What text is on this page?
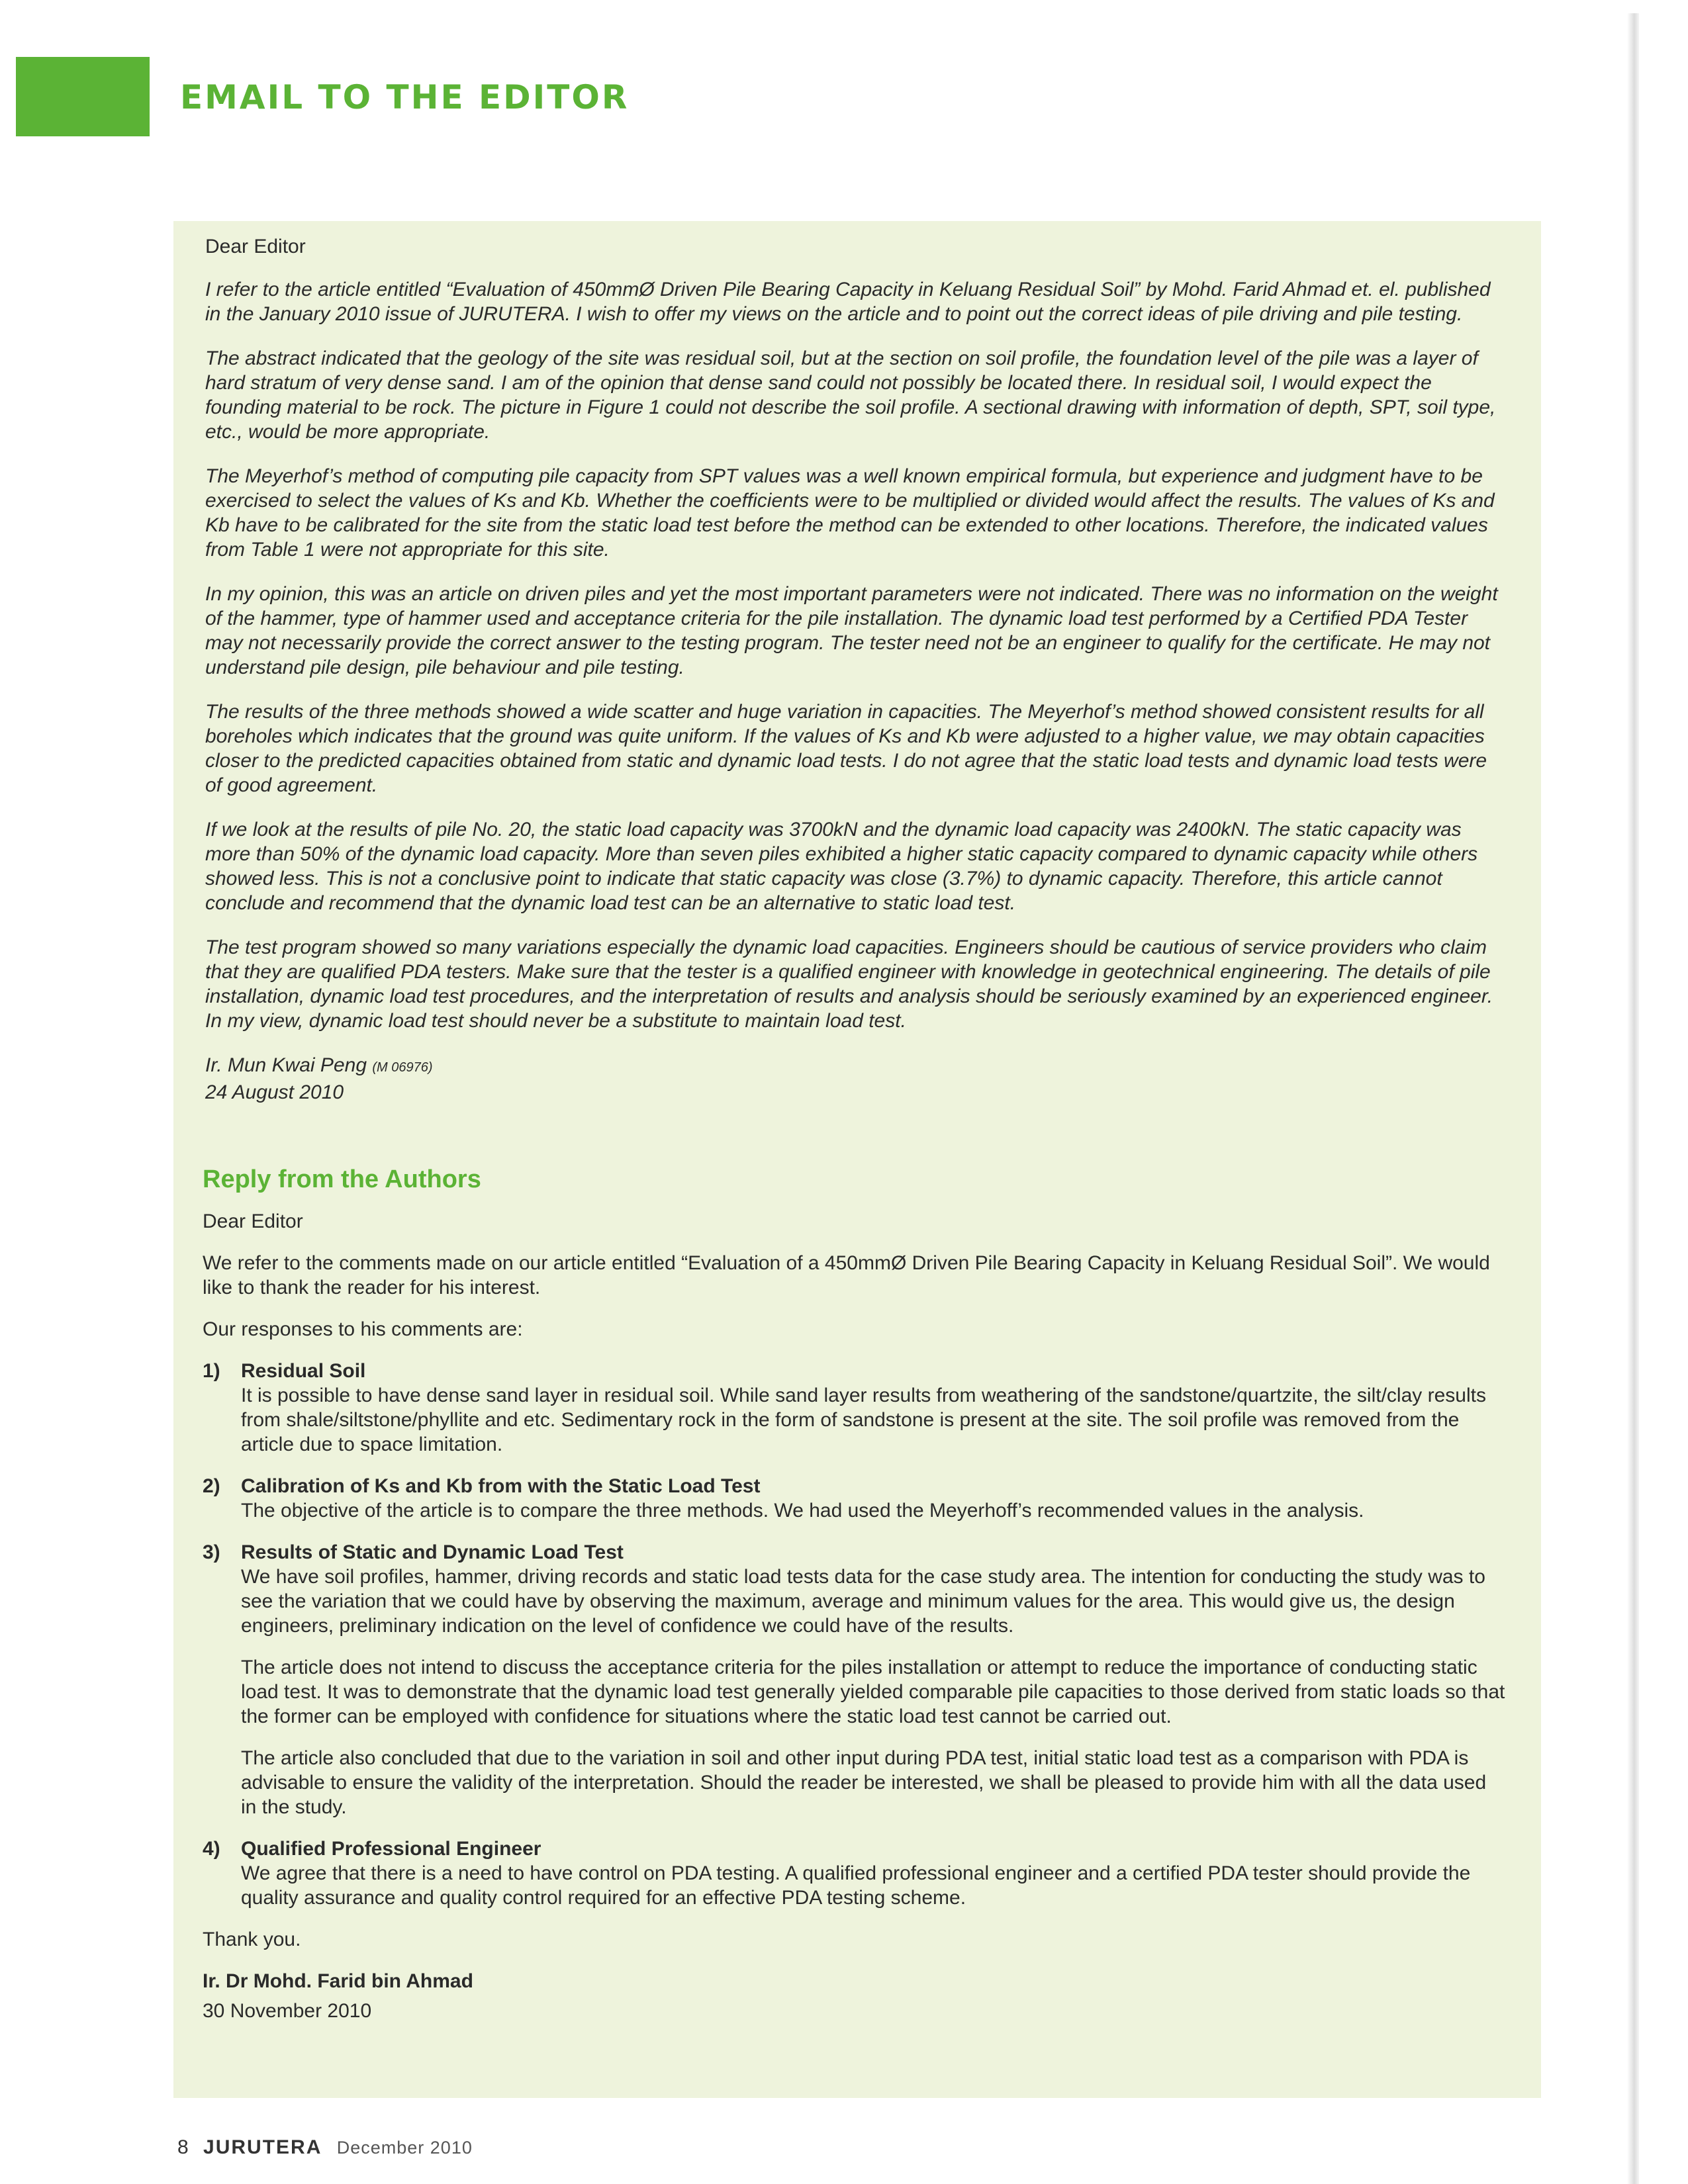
EMAIL TO THE EDITOR

Dear Editor

I refer to the article entitled “Evaluation of 450mmØ Driven Pile Bearing Capacity in Keluang Residual Soil” by Mohd. Farid Ahmad et. el. published in the January 2010 issue of JURUTERA. I wish to offer my views on the article and to point out the correct ideas of pile driving and pile testing.

The abstract indicated that the geology of the site was residual soil, but at the section on soil profile, the foundation level of the pile was a layer of hard stratum of very dense sand. I am of the opinion that dense sand could not possibly be located there. In residual soil, I would expect the founding material to be rock. The picture in Figure 1 could not describe the soil profile. A sectional drawing with information of depth, SPT, soil type, etc., would be more appropriate.

The Meyerhof’s method of computing pile capacity from SPT values was a well known empirical formula, but experience and judgment have to be exercised to select the values of Ks and Kb. Whether the coefficients were to be multiplied or divided would affect the results. The values of Ks and Kb have to be calibrated for the site from the static load test before the method can be extended to other locations. Therefore, the indicated values from Table 1 were not appropriate for this site.

In my opinion, this was an article on driven piles and yet the most important parameters were not indicated. There was no information on the weight of the hammer, type of hammer used and acceptance criteria for the pile installation. The dynamic load test performed by a Certified PDA Tester may not necessarily provide the correct answer to the testing program. The tester need not be an engineer to qualify for the certificate. He may not understand pile design, pile behaviour and pile testing.

The results of the three methods showed a wide scatter and huge variation in capacities. The Meyerhof’s method showed consistent results for all boreholes which indicates that the ground was quite uniform. If the values of Ks and Kb were adjusted to a higher value, we may obtain capacities closer to the predicted capacities obtained from static and dynamic load tests. I do not agree that the static load tests and dynamic load tests were of good agreement.

If we look at the results of pile No. 20, the static load capacity was 3700kN and the dynamic load capacity was 2400kN. The static capacity was more than 50% of the dynamic load capacity. More than seven piles exhibited a higher static capacity compared to dynamic capacity while others showed less. This is not a conclusive point to indicate that static capacity was close (3.7%) to dynamic capacity. Therefore, this article cannot conclude and recommend that the dynamic load test can be an alternative to static load test.

The test program showed so many variations especially the dynamic load capacities. Engineers should be cautious of service providers who claim that they are qualified PDA testers. Make sure that the tester is a qualified engineer with knowledge in geotechnical engineering. The details of pile installation, dynamic load test procedures, and the interpretation of results and analysis should be seriously examined by an experienced engineer. In my view, dynamic load test should never be a substitute to maintain load test.

Ir. Mun Kwai Peng (M 06976)

24 August 2010

Reply from the Authors

Dear Editor

We refer to the comments made on our article entitled “Evaluation of a 450mmØ Driven Pile Bearing Capacity in Keluang Residual Soil”. We would like to thank the reader for his interest.

Our responses to his comments are:

1)	Residual Soil

It is possible to have dense sand layer in residual soil. While sand layer results from weathering of the sandstone/quartzite, the silt/clay results from shale/siltstone/phyllite and etc. Sedimentary rock in the form of sandstone is present at the site. The soil profile was removed from the article due to space limitation.

2)	Calibration of Ks and Kb from with the Static Load Test

The objective of the article is to compare the three methods. We had used the Meyerhoff’s recommended values in the analysis.

3)	Results of Static and Dynamic Load Test

We have soil profiles, hammer, driving records and static load tests data for the case study area. The intention for conducting the study was to see the variation that we could have by observing the maximum, average and minimum values for the area. This would give us, the design engineers, preliminary indication on the level of confidence we could have of the results.

The article does not intend to discuss the acceptance criteria for the piles installation or attempt to reduce the importance of conducting static load test. It was to demonstrate that the dynamic load test generally yielded comparable pile capacities to those derived from static loads so that the former can be employed with confidence for situations where the static load test cannot be carried out.

The article also concluded that due to the variation in soil and other input during PDA test, initial static load test as a comparison with PDA is advisable to ensure the validity of the interpretation. Should the reader be interested, we shall be pleased to provide him with all the data used in the study.

4)	Qualified Professional Engineer

We agree that there is a need to have control on PDA testing. A qualified professional engineer and a certified PDA tester should provide the quality assurance and quality control required for an effective PDA testing scheme.

Thank you.

Ir. Dr Mohd. Farid bin Ahmad
30 November 2010
8 JURUTERA December 2010
